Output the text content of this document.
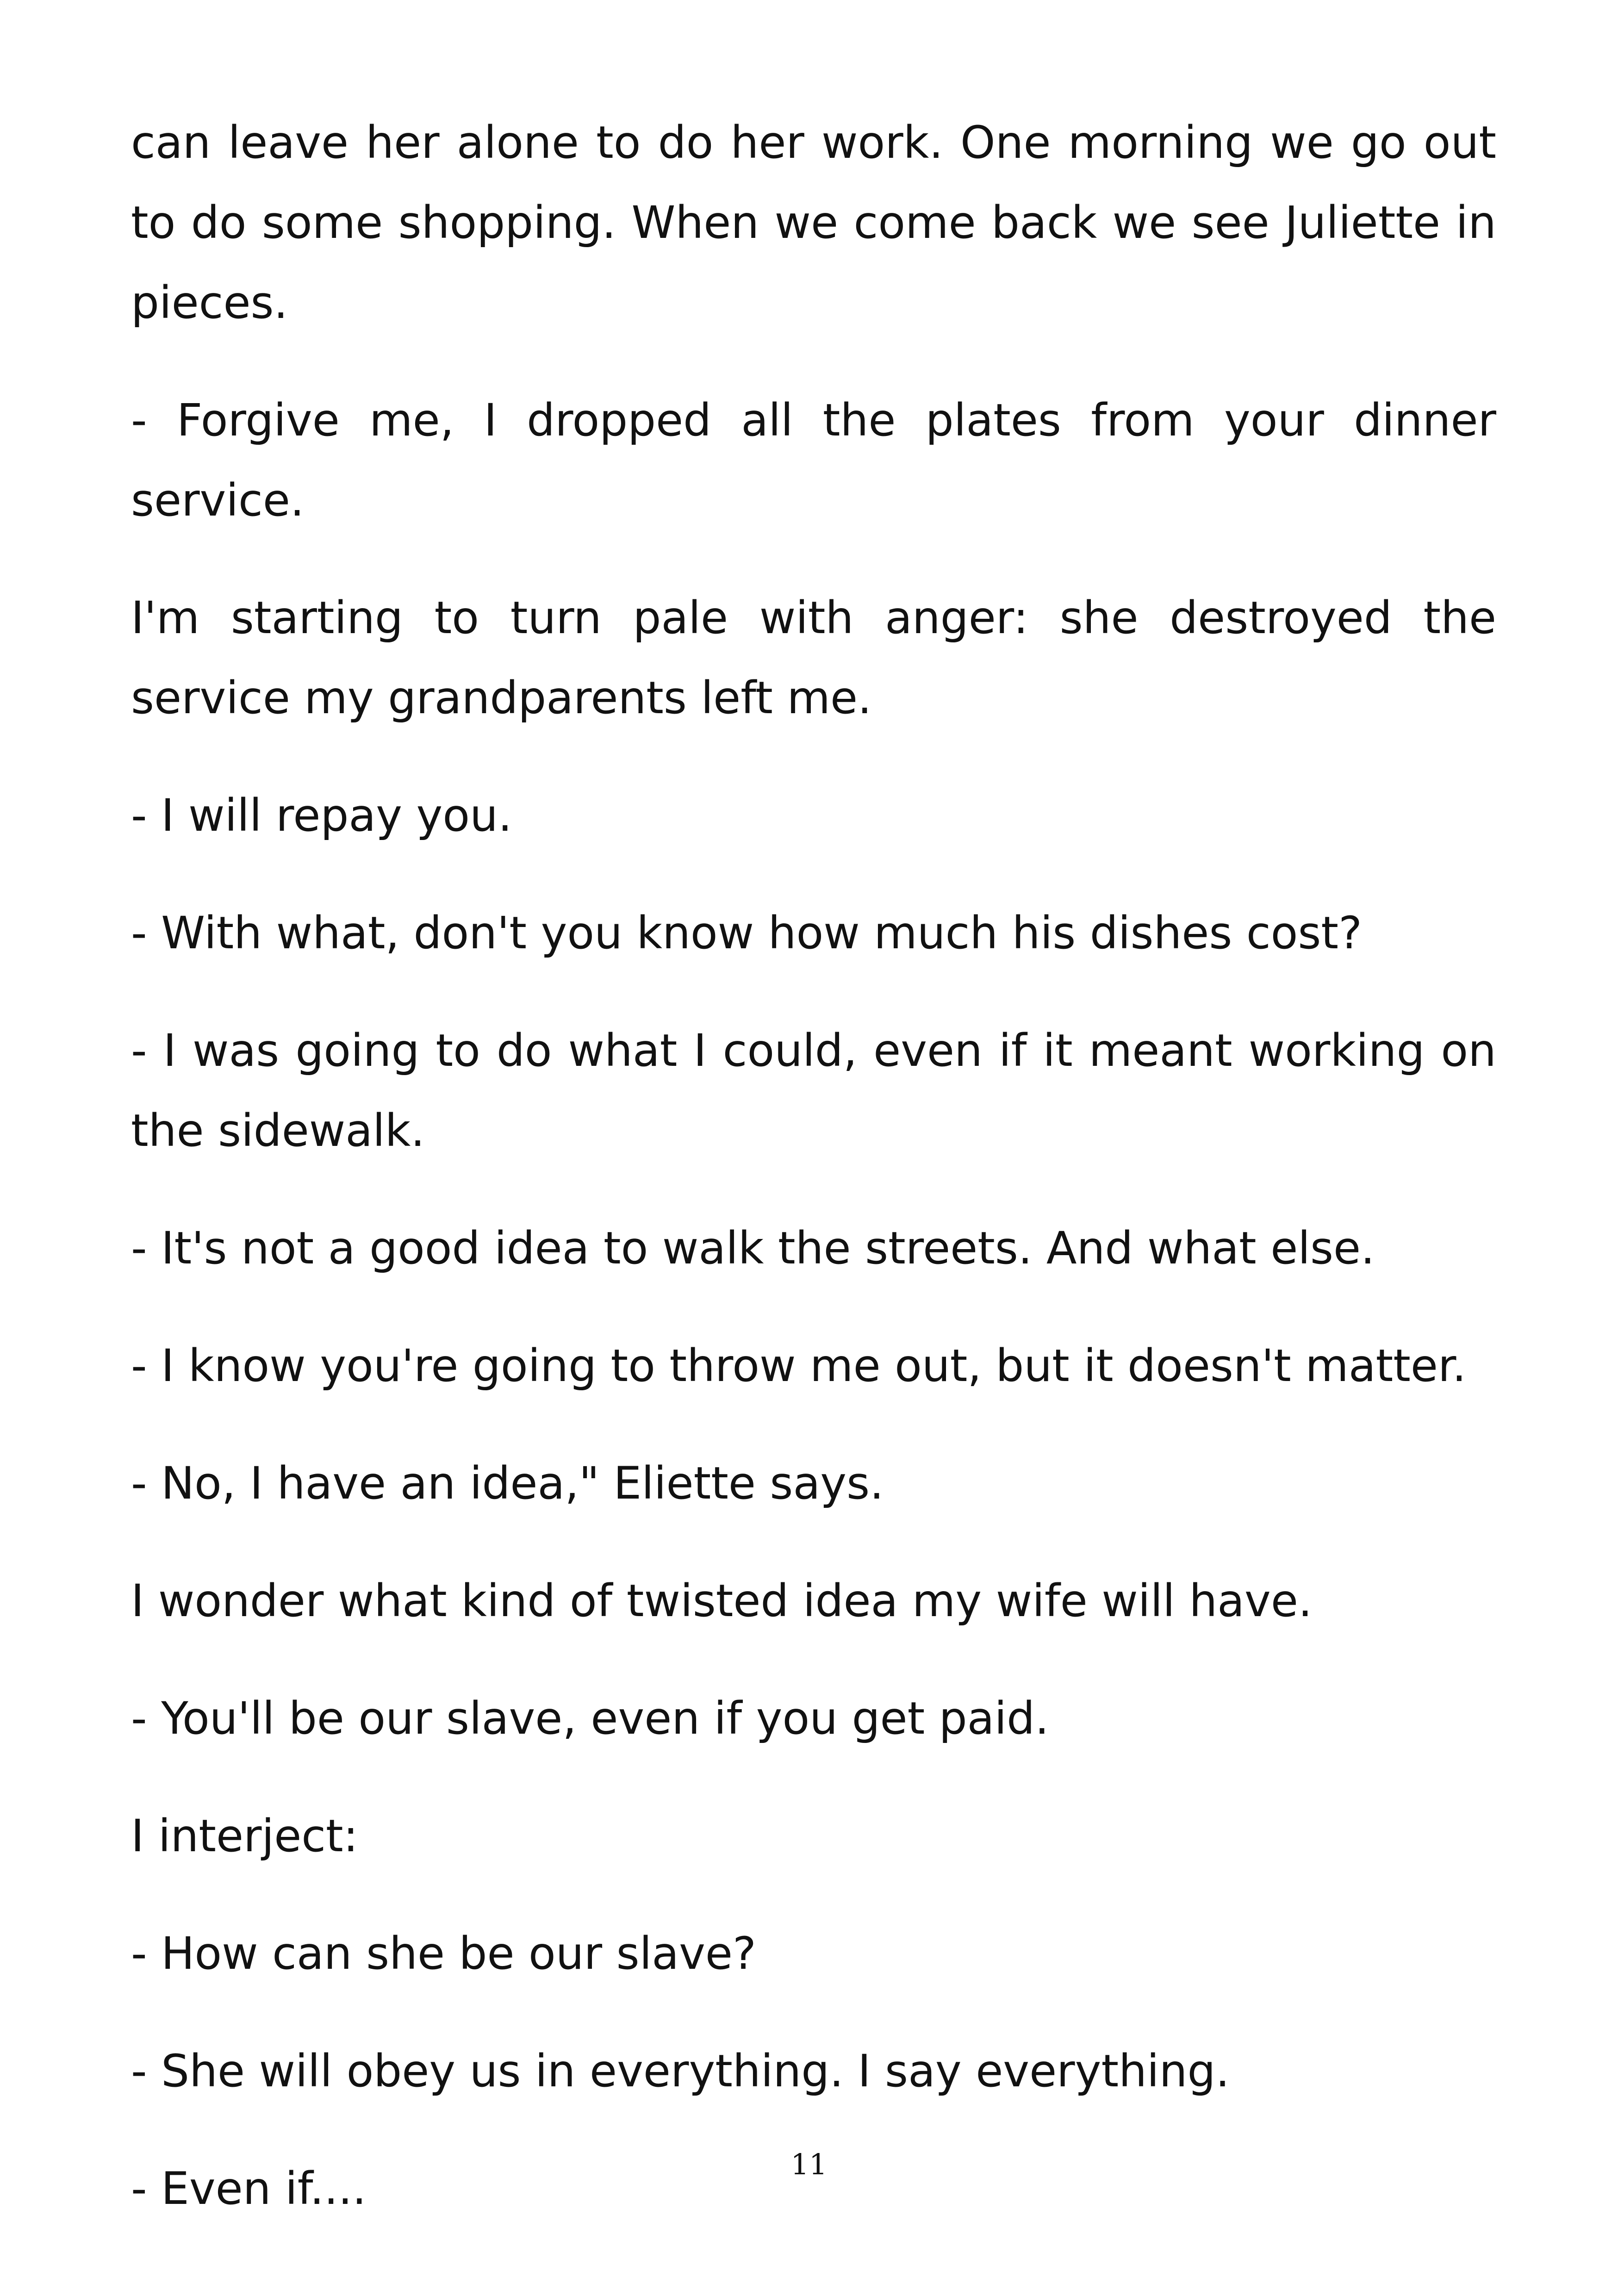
can leave her alone to do her work. One morning we go out to do some shopping. When we come back we see Juliette in pieces.

- Forgive me, I dropped all the plates from your dinner service.

I'm starting to turn pale with anger: she destroyed the service my grandparents left me.

- I will repay you.

- With what, don't you know how much his dishes cost?

- I was going to do what I could, even if it meant working on the sidewalk.

- It's not a good idea to walk the streets. And what else.

- I know you're going to throw me out, but it doesn't matter.

- No, I have an idea," Eliette says.

I wonder what kind of twisted idea my wife will have.

- You'll be our slave, even if you get paid.

I interject:

- How can she be our slave?

- She will obey us in everything. I say everything.

- Even if....	11
